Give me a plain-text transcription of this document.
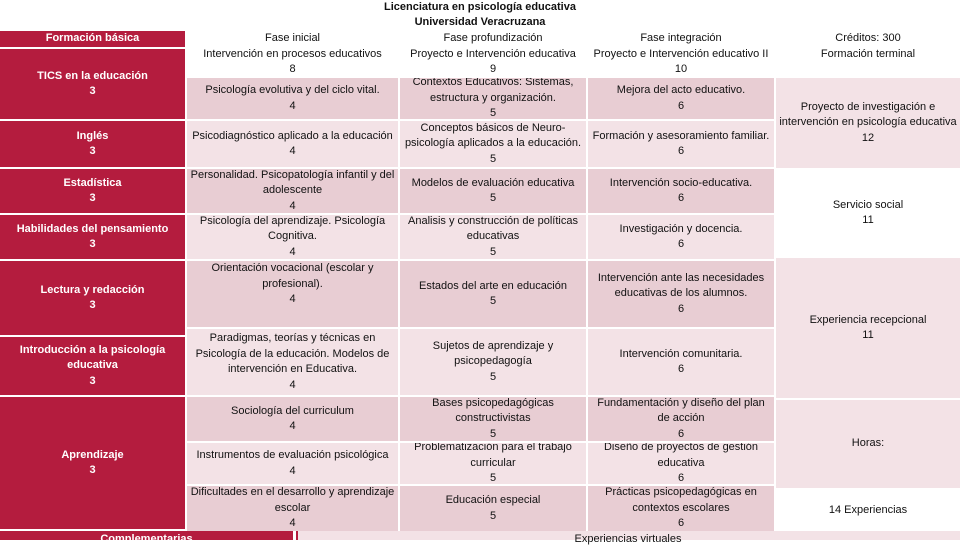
Licenciatura en psicología educativa
Universidad Veracruzana
Formación básica
TICS en la educación
3
Inglés
3
Estadística
3
Habilidades del pensamiento
3
Lectura y redacción
3
Introducción a la psicología educativa
3
Aprendizaje
3
Fase inicial
Intervención en procesos educativos
8
Psicología evolutiva y del ciclo vital.
4
Psicodiagnóstico aplicado a la educación
4
Personalidad. Psicopatología infantil y del adolescente
4
Psicología del aprendizaje. Psicología Cognitiva.
4
Orientación vocacional (escolar y profesional).
4
Paradigmas, teorías y técnicas en Psicología de la educación. Modelos de intervención en Educativa.
4
Sociología del curriculum
4
Instrumentos de evaluación psicológica
4
Dificultades en el desarrollo y aprendizaje escolar
4
Fase profundización
Proyecto e Intervención educativa
9
Contextos Educativos: Sistemas, estructura y organización.
5
Conceptos básicos de Neuro-psicología aplicados a la educación.
5
Modelos de evaluación educativa
5
Analisis y construcción de políticas educativas
5
Estados del arte en educación
5
Sujetos de aprendizaje y psicopedagogía
5
Bases psicopedagógicas constructivistas
5
Problematización para el trabajo curricular
5
Educación especial
5
Fase integración
Proyecto e Intervención educativo II
10
Mejora del acto educativo.
6
Formación y asesoramiento familiar.
6
Intervención socio-educativa.
6
Investigación y docencia.
6
Intervención ante las necesidades educativas de los alumnos.
6
Intervención comunitaria.
6
Fundamentación y diseño del plan de acción
6
Diseño de proyectos de gestión educativa
6
Prácticas psicopedagógicas en contextos escolares
6
Créditos: 300
Formación terminal
Proyecto de investigación e intervención en psicología educativa
12
Servicio social
11
Experiencia recepcional
11
Horas:
14 Experiencias
Complementarias	Experiencias virtuales
